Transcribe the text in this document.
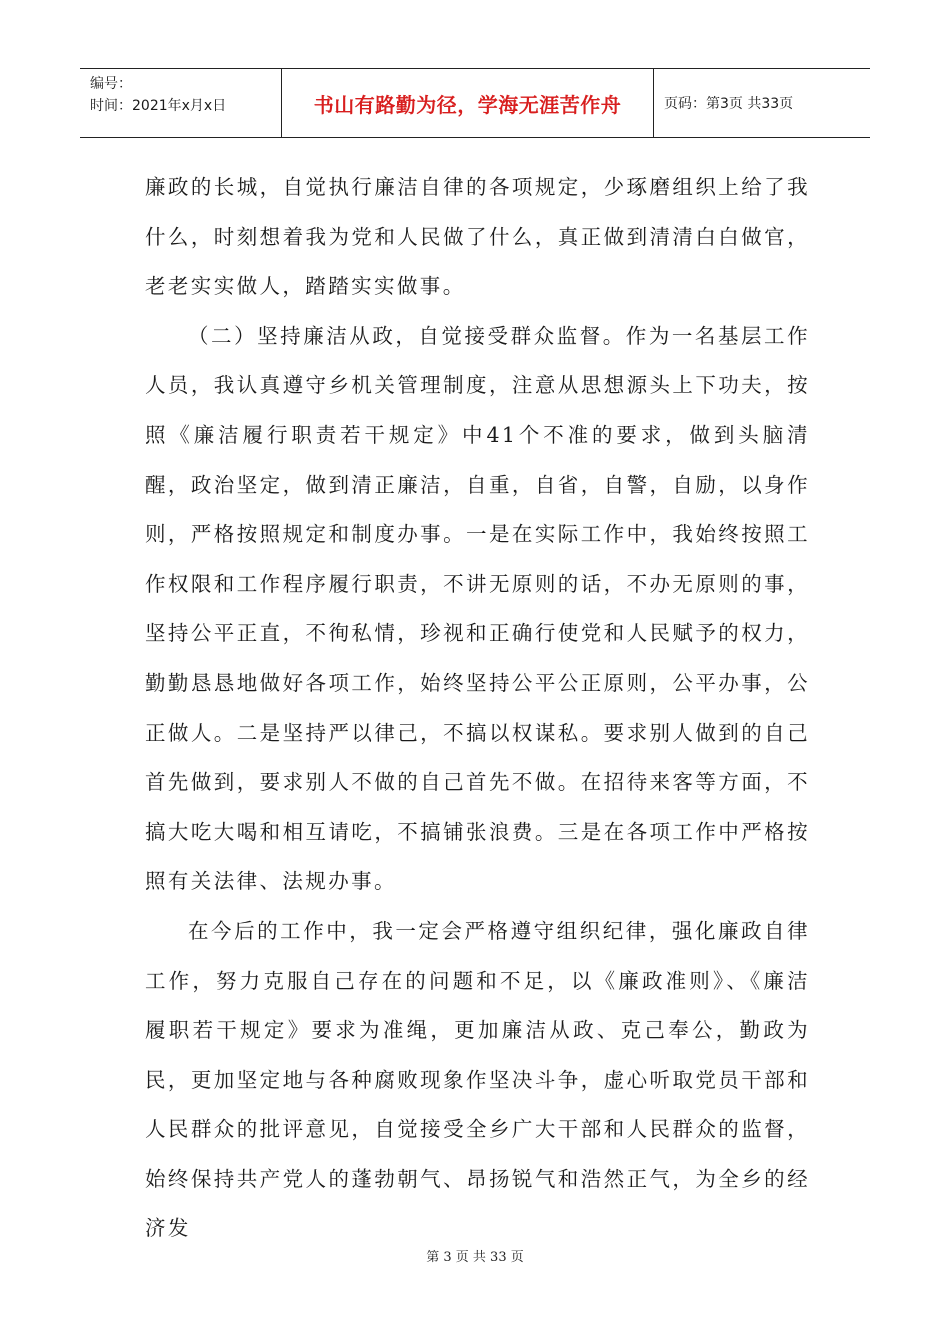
编号：
时间：2021年x月x日	书山有路勤为径，学海无涯苦作舟	页码：第3页 共33页

廉政的长城，自觉执行廉洁自律的各项规定，少琢磨组织上给了我什么，时刻想着我为党和人民做了什么，真正做到清清白白做官，老老实实做人，踏踏实实做事。

（二）坚持廉洁从政，自觉接受群众监督。作为一名基层工作人员，我认真遵守乡机关管理制度，注意从思想源头上下功夫，按照《廉洁履行职责若干规定》中41个不准的要求，做到头脑清醒，政治坚定，做到清正廉洁，自重，自省，自警，自励，以身作则，严格按照规定和制度办事。一是在实际工作中，我始终按照工作权限和工作程序履行职责，不讲无原则的话，不办无原则的事，坚持公平正直，不徇私情，珍视和正确行使党和人民赋予的权力，勤勤恳恳地做好各项工作，始终坚持公平公正原则，公平办事，公正做人。二是坚持严以律己，不搞以权谋私。要求别人做到的自己首先做到，要求别人不做的自己首先不做。在招待来客等方面，不搞大吃大喝和相互请吃，不搞铺张浪费。三是在各项工作中严格按照有关法律、法规办事。

在今后的工作中，我一定会严格遵守组织纪律，强化廉政自律工作，努力克服自己存在的问题和不足，以《廉政准则》、《廉洁履职若干规定》要求为准绳，更加廉洁从政、克己奉公，勤政为民，更加坚定地与各种腐败现象作坚决斗争，虚心听取党员干部和人民群众的批评意见，自觉接受全乡广大干部和人民群众的监督，始终保持共产党人的蓬勃朝气、昂扬锐气和浩然正气，为全乡的经济发

第 3 页 共 33 页
